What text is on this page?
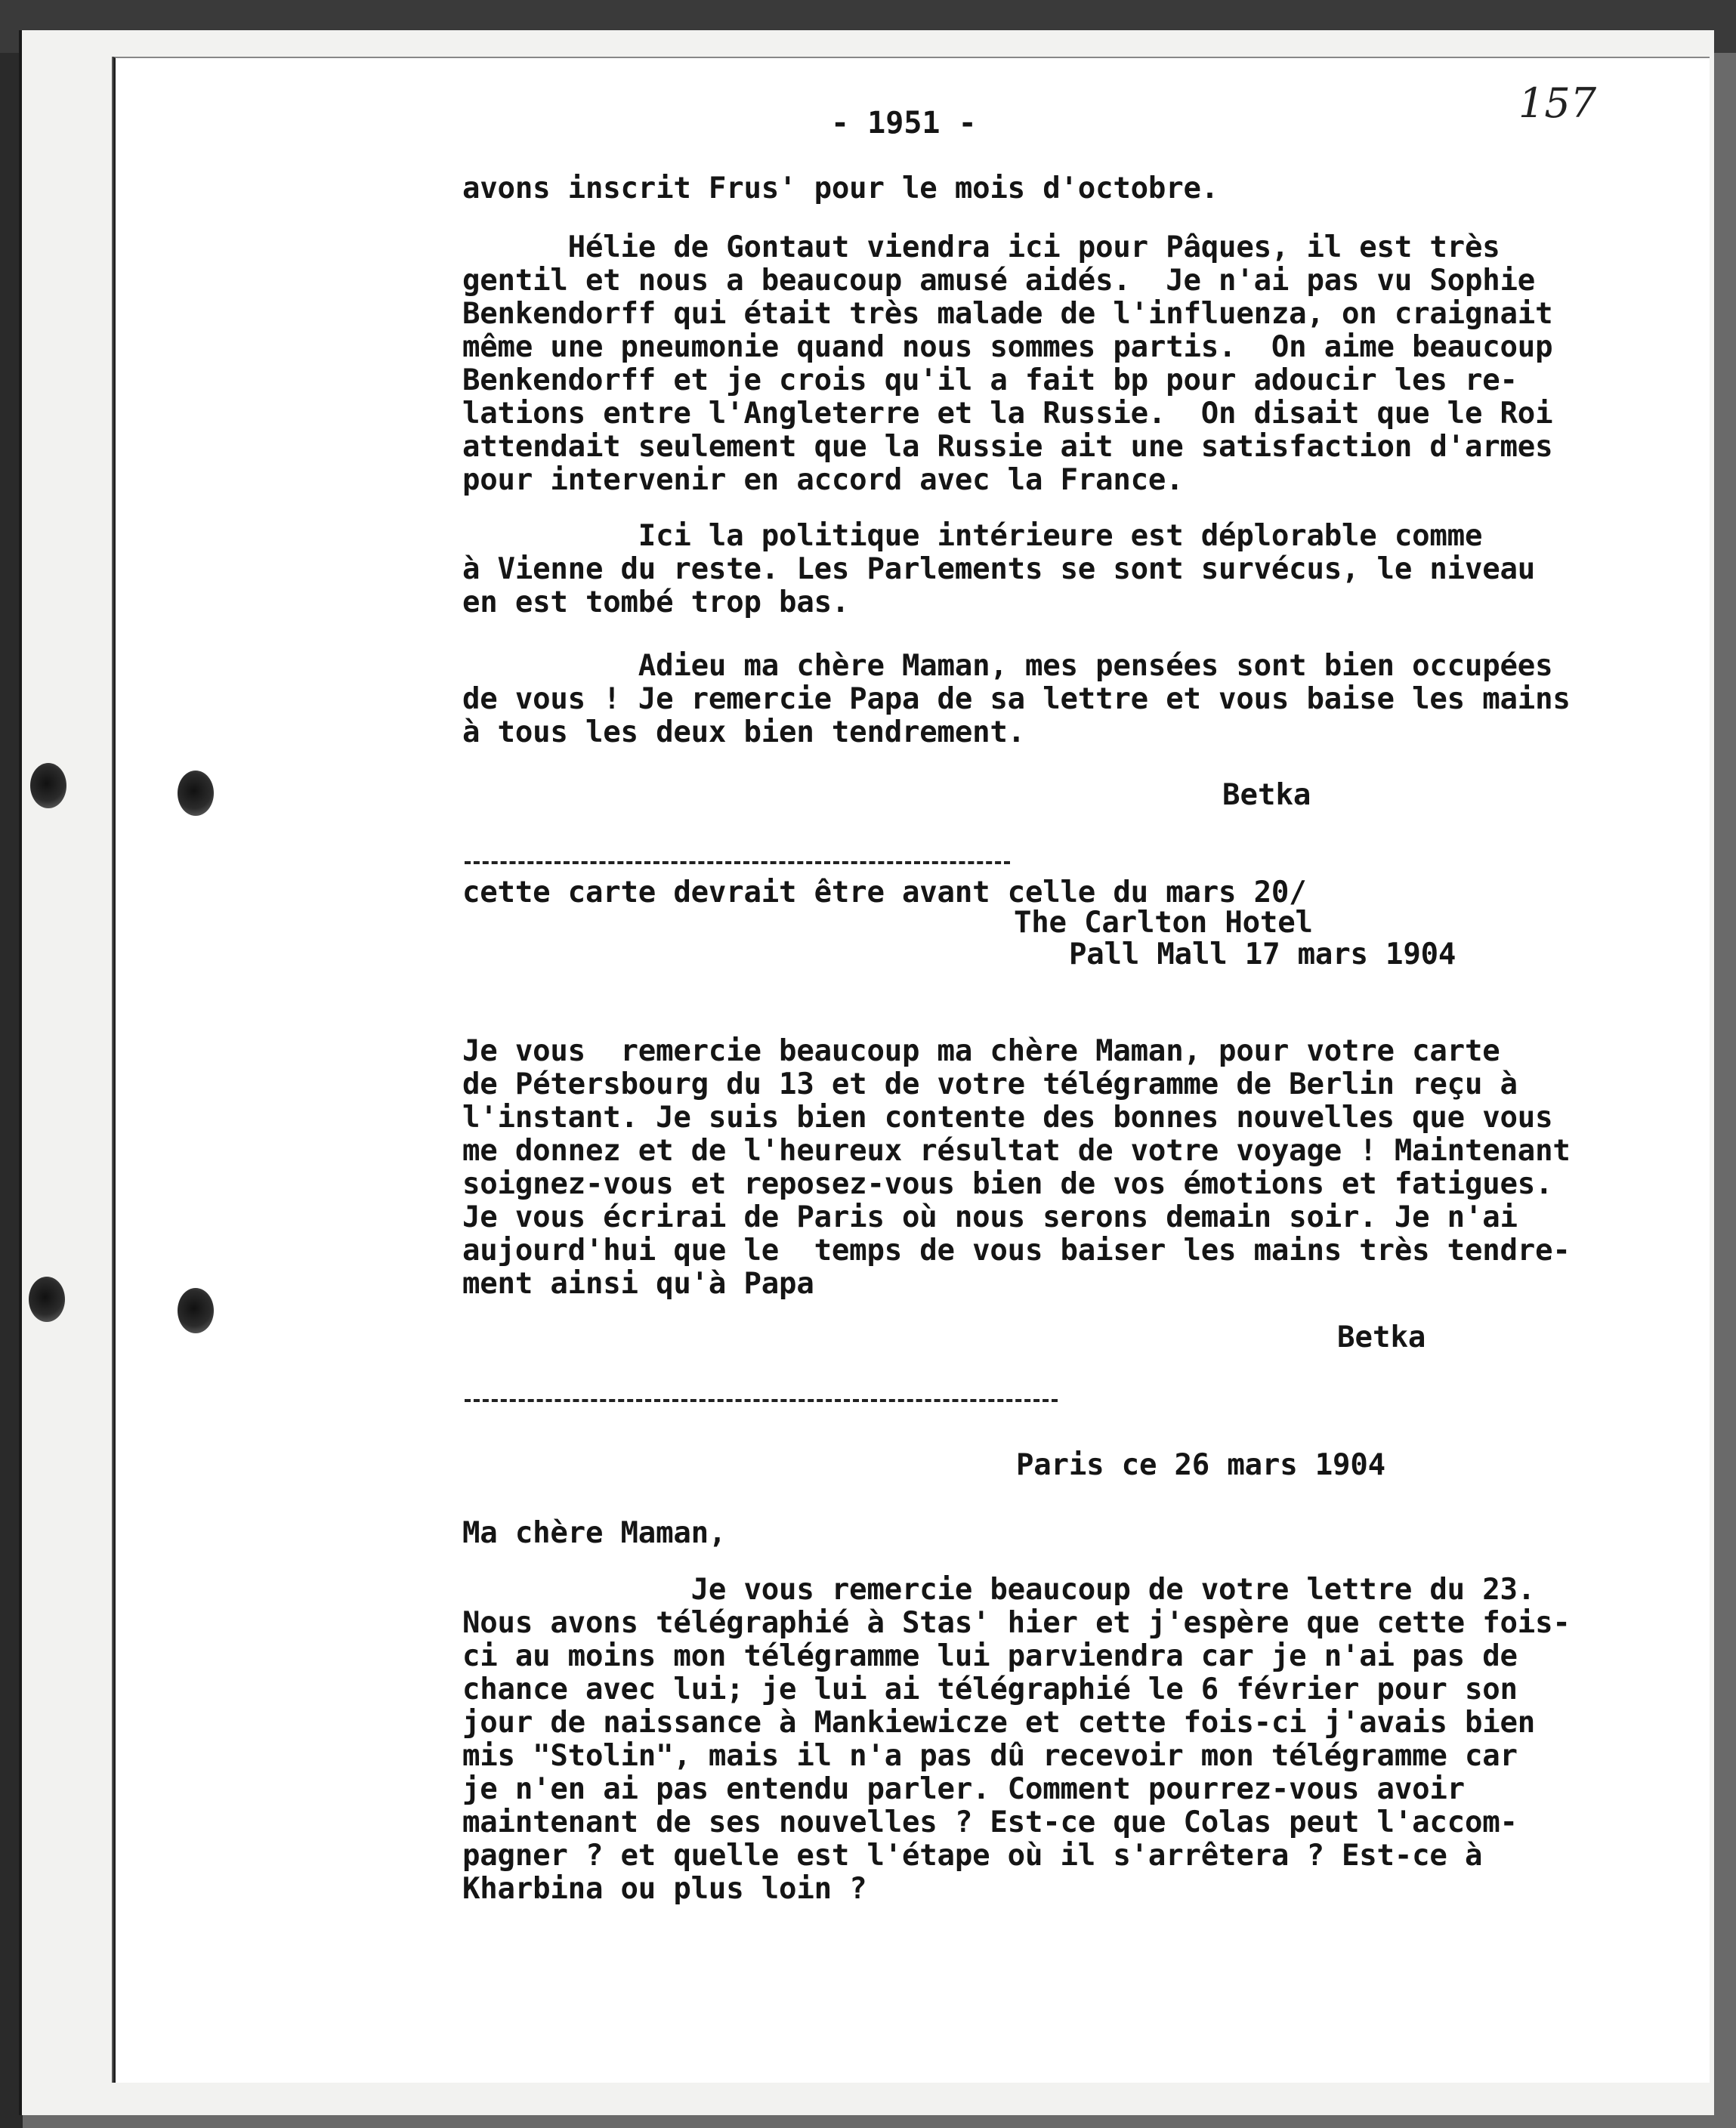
- 1951 -	157
avons inscrit Frus' pour le mois d'octobre.
Hélie de Gontaut viendra ici pour Pâques, il est très
gentil et nous a beaucoup amusé aidés.  Je n'ai pas vu Sophie
Benkendorff qui était très malade de l'influenza, on craignait
même une pneumonie quand nous sommes partis.  On aime beaucoup
Benkendorff et je crois qu'il a fait bp pour adoucir les re-
lations entre l'Angleterre et la Russie.  On disait que le Roi
attendait seulement que la Russie ait une satisfaction d'armes
pour intervenir en accord avec la France.
Ici la politique intérieure est déplorable comme
à Vienne du reste. Les Parlements se sont survécus, le niveau
en est tombé trop bas.
Adieu ma chère Maman, mes pensées sont bien occupées
de vous ! Je remercie Papa de sa lettre et vous baise les mains
à tous les deux bien tendrement.
Betka
cette carte devrait être avant celle du mars 20/
The Carlton Hotel
Pall Mall 17 mars 1904
Je vous  remercie beaucoup ma chère Maman, pour votre carte
de Pétersbourg du 13 et de votre télégramme de Berlin reçu à
l'instant. Je suis bien contente des bonnes nouvelles que vous
me donnez et de l'heureux résultat de votre voyage ! Maintenant
soignez-vous et reposez-vous bien de vos émotions et fatigues.
Je vous écrirai de Paris où nous serons demain soir. Je n'ai
aujourd'hui que le  temps de vous baiser les mains très tendre-
ment ainsi qu'à Papa
Betka
Paris ce 26 mars 1904
Ma chère Maman,
Je vous remercie beaucoup de votre lettre du 23.
Nous avons télégraphié à Stas' hier et j'espère que cette fois-
ci au moins mon télégramme lui parviendra car je n'ai pas de
chance avec lui; je lui ai télégraphié le 6 février pour son
jour de naissance à Mankiewicze et cette fois-ci j'avais bien
mis "Stolin", mais il n'a pas dû recevoir mon télégramme car
je n'en ai pas entendu parler. Comment pourrez-vous avoir
maintenant de ses nouvelles ? Est-ce que Colas peut l'accom-
pagner ? et quelle est l'étape où il s'arrêtera ? Est-ce à
Kharbina ou plus loin ?
